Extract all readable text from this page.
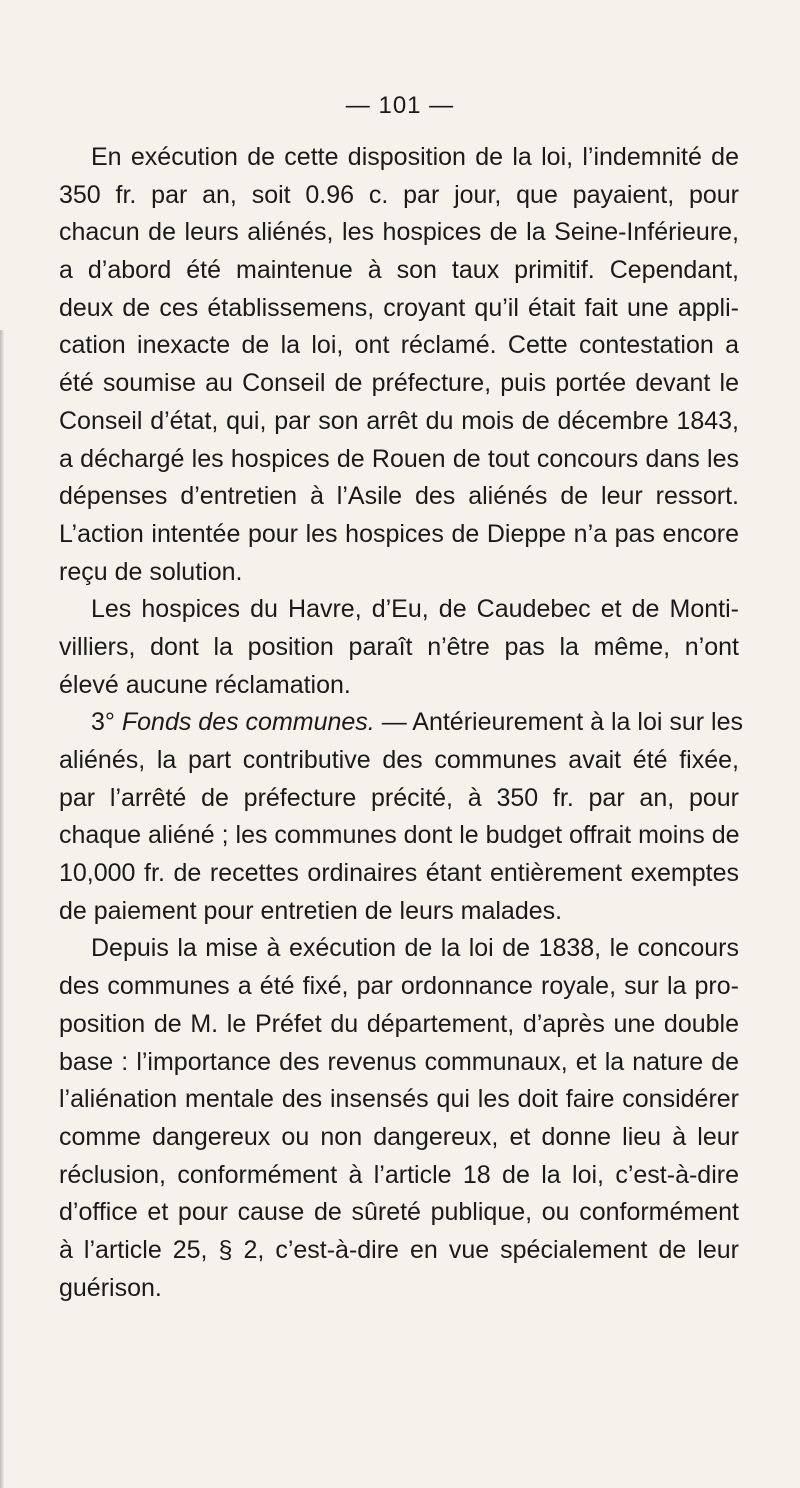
— 101 —
En exécution de cette disposition de la loi, l’indemnité de
350 fr. par an, soit 0.96 c. par jour, que payaient, pour
chacun de leurs aliénés, les hospices de la Seine-Inférieure,
a d’abord été maintenue à son taux primitif. Cependant,
deux de ces établissemens, croyant qu’il était fait une appli-
cation inexacte de la loi, ont réclamé. Cette contestation a
été soumise au Conseil de préfecture, puis portée devant le
Conseil d’état, qui, par son arrêt du mois de décembre 1843,
a déchargé les hospices de Rouen de tout concours dans les
dépenses d’entretien à l’Asile des aliénés de leur ressort.
L’action intentée pour les hospices de Dieppe n’a pas encore
reçu de solution.
Les hospices du Havre, d’Eu, de Caudebec et de Monti-
villiers, dont la position paraît n’être pas la même, n’ont
élevé aucune réclamation.
3° Fonds des communes. — Antérieurement à la loi sur les
aliénés, la part contributive des communes avait été fixée,
par l’arrêté de préfecture précité, à 350 fr. par an, pour
chaque aliéné ; les communes dont le budget offrait moins de
10,000 fr. de recettes ordinaires étant entièrement exemptes
de paiement pour entretien de leurs malades.
Depuis la mise à exécution de la loi de 1838, le concours
des communes a été fixé, par ordonnance royale, sur la pro-
position de M. le Préfet du département, d’après une double
base : l’importance des revenus communaux, et la nature de
l’aliénation mentale des insensés qui les doit faire considérer
comme dangereux ou non dangereux, et donne lieu à leur
réclusion, conformément à l’article 18 de la loi, c’est-à-dire
d’office et pour cause de sûreté publique, ou conformément
à l’article 25, § 2, c’est-à-dire en vue spécialement de leur
guérison.
